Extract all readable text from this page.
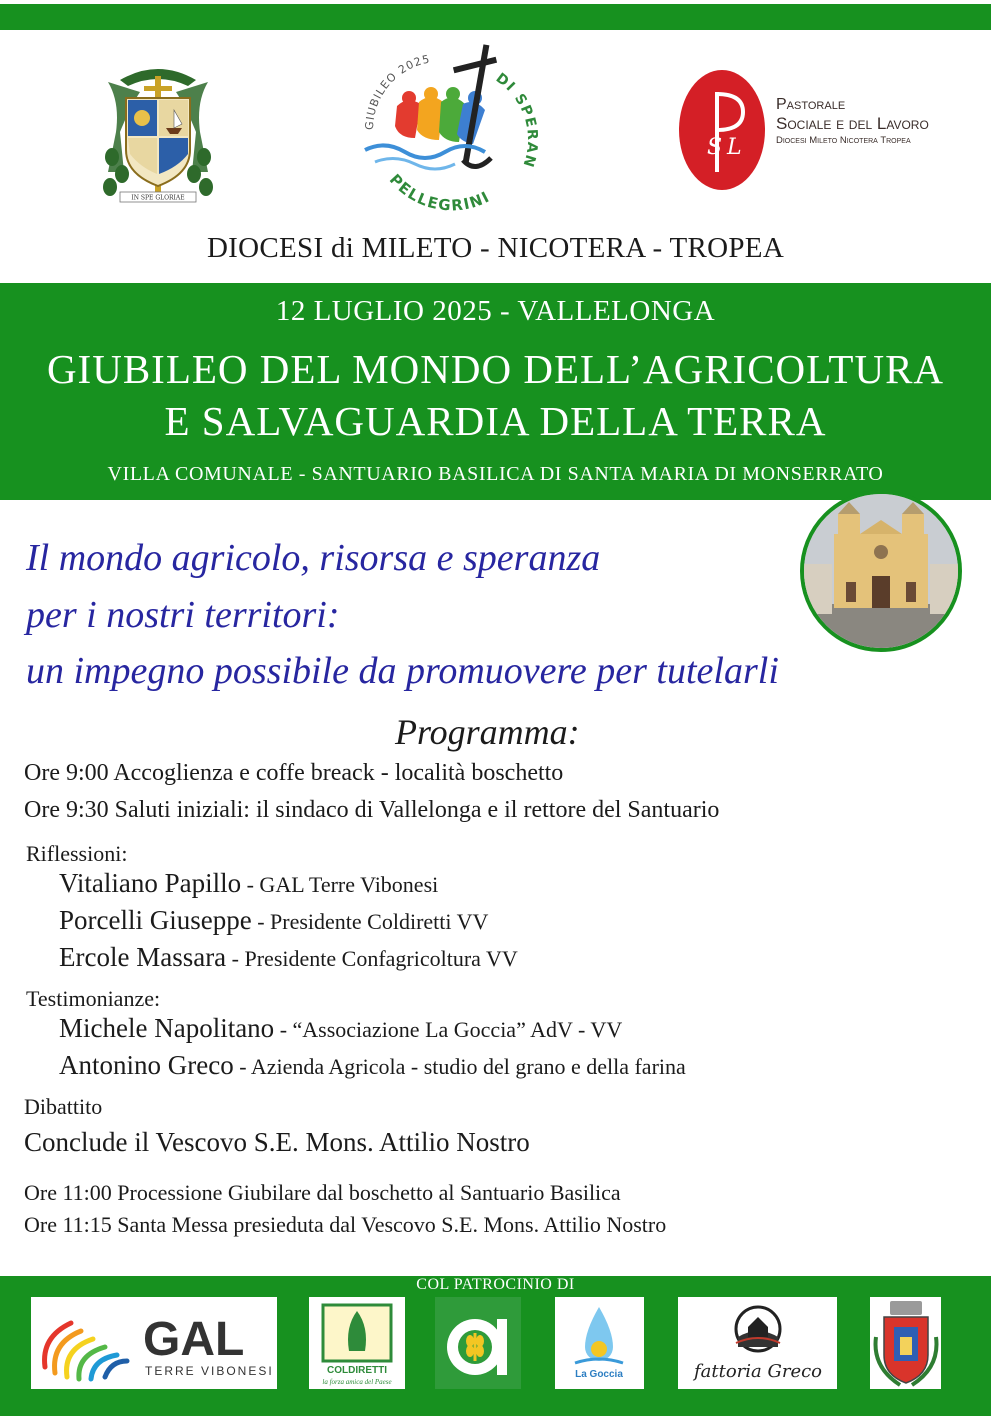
IN SPE GLORIAE
GIUBILEO 2025
DI SPERAN
PELLEGRINI
S L
Pastorale
Sociale e del Lavoro
Diocesi Mileto Nicotera Tropea
DIOCESI di MILETO - NICOTERA - TROPEA
12 LUGLIO 2025 - VALLELONGA
GIUBILEO DEL MONDO DELL’AGRICOLTURA
E SALVAGUARDIA DELLA TERRA
VILLA COMUNALE - SANTUARIO BASILICA DI SANTA MARIA DI MONSERRATO
Il mondo agricolo, risorsa e speranza
per i nostri territori:
un impegno possibile da promuovere per tutelarli
Programma:
Ore 9:00 Accoglienza e coffe breack - località boschetto
Ore 9:30 Saluti iniziali: il sindaco di Vallelonga e il rettore del Santuario
Riflessioni:
Vitaliano Papillo - GAL Terre Vibonesi
Porcelli Giuseppe - Presidente Coldiretti VV
Ercole Massara - Presidente Confagricoltura VV
Testimonianze:
Michele Napolitano - “Associazione La Goccia” AdV - VV
Antonino Greco - Azienda Agricola - studio del grano e della farina
Dibattito
Conclude il Vescovo S.E. Mons. Attilio Nostro
Ore 11:00 Processione Giubilare dal boschetto al Santuario Basilica
Ore 11:15 Santa Messa presieduta dal Vescovo S.E. Mons. Attilio Nostro
COL PATROCINIO DI
GAL
TERRE VIBONESI	COLDIRETTI
la forza amica del Paese
La Goccia	fattoria Greco
